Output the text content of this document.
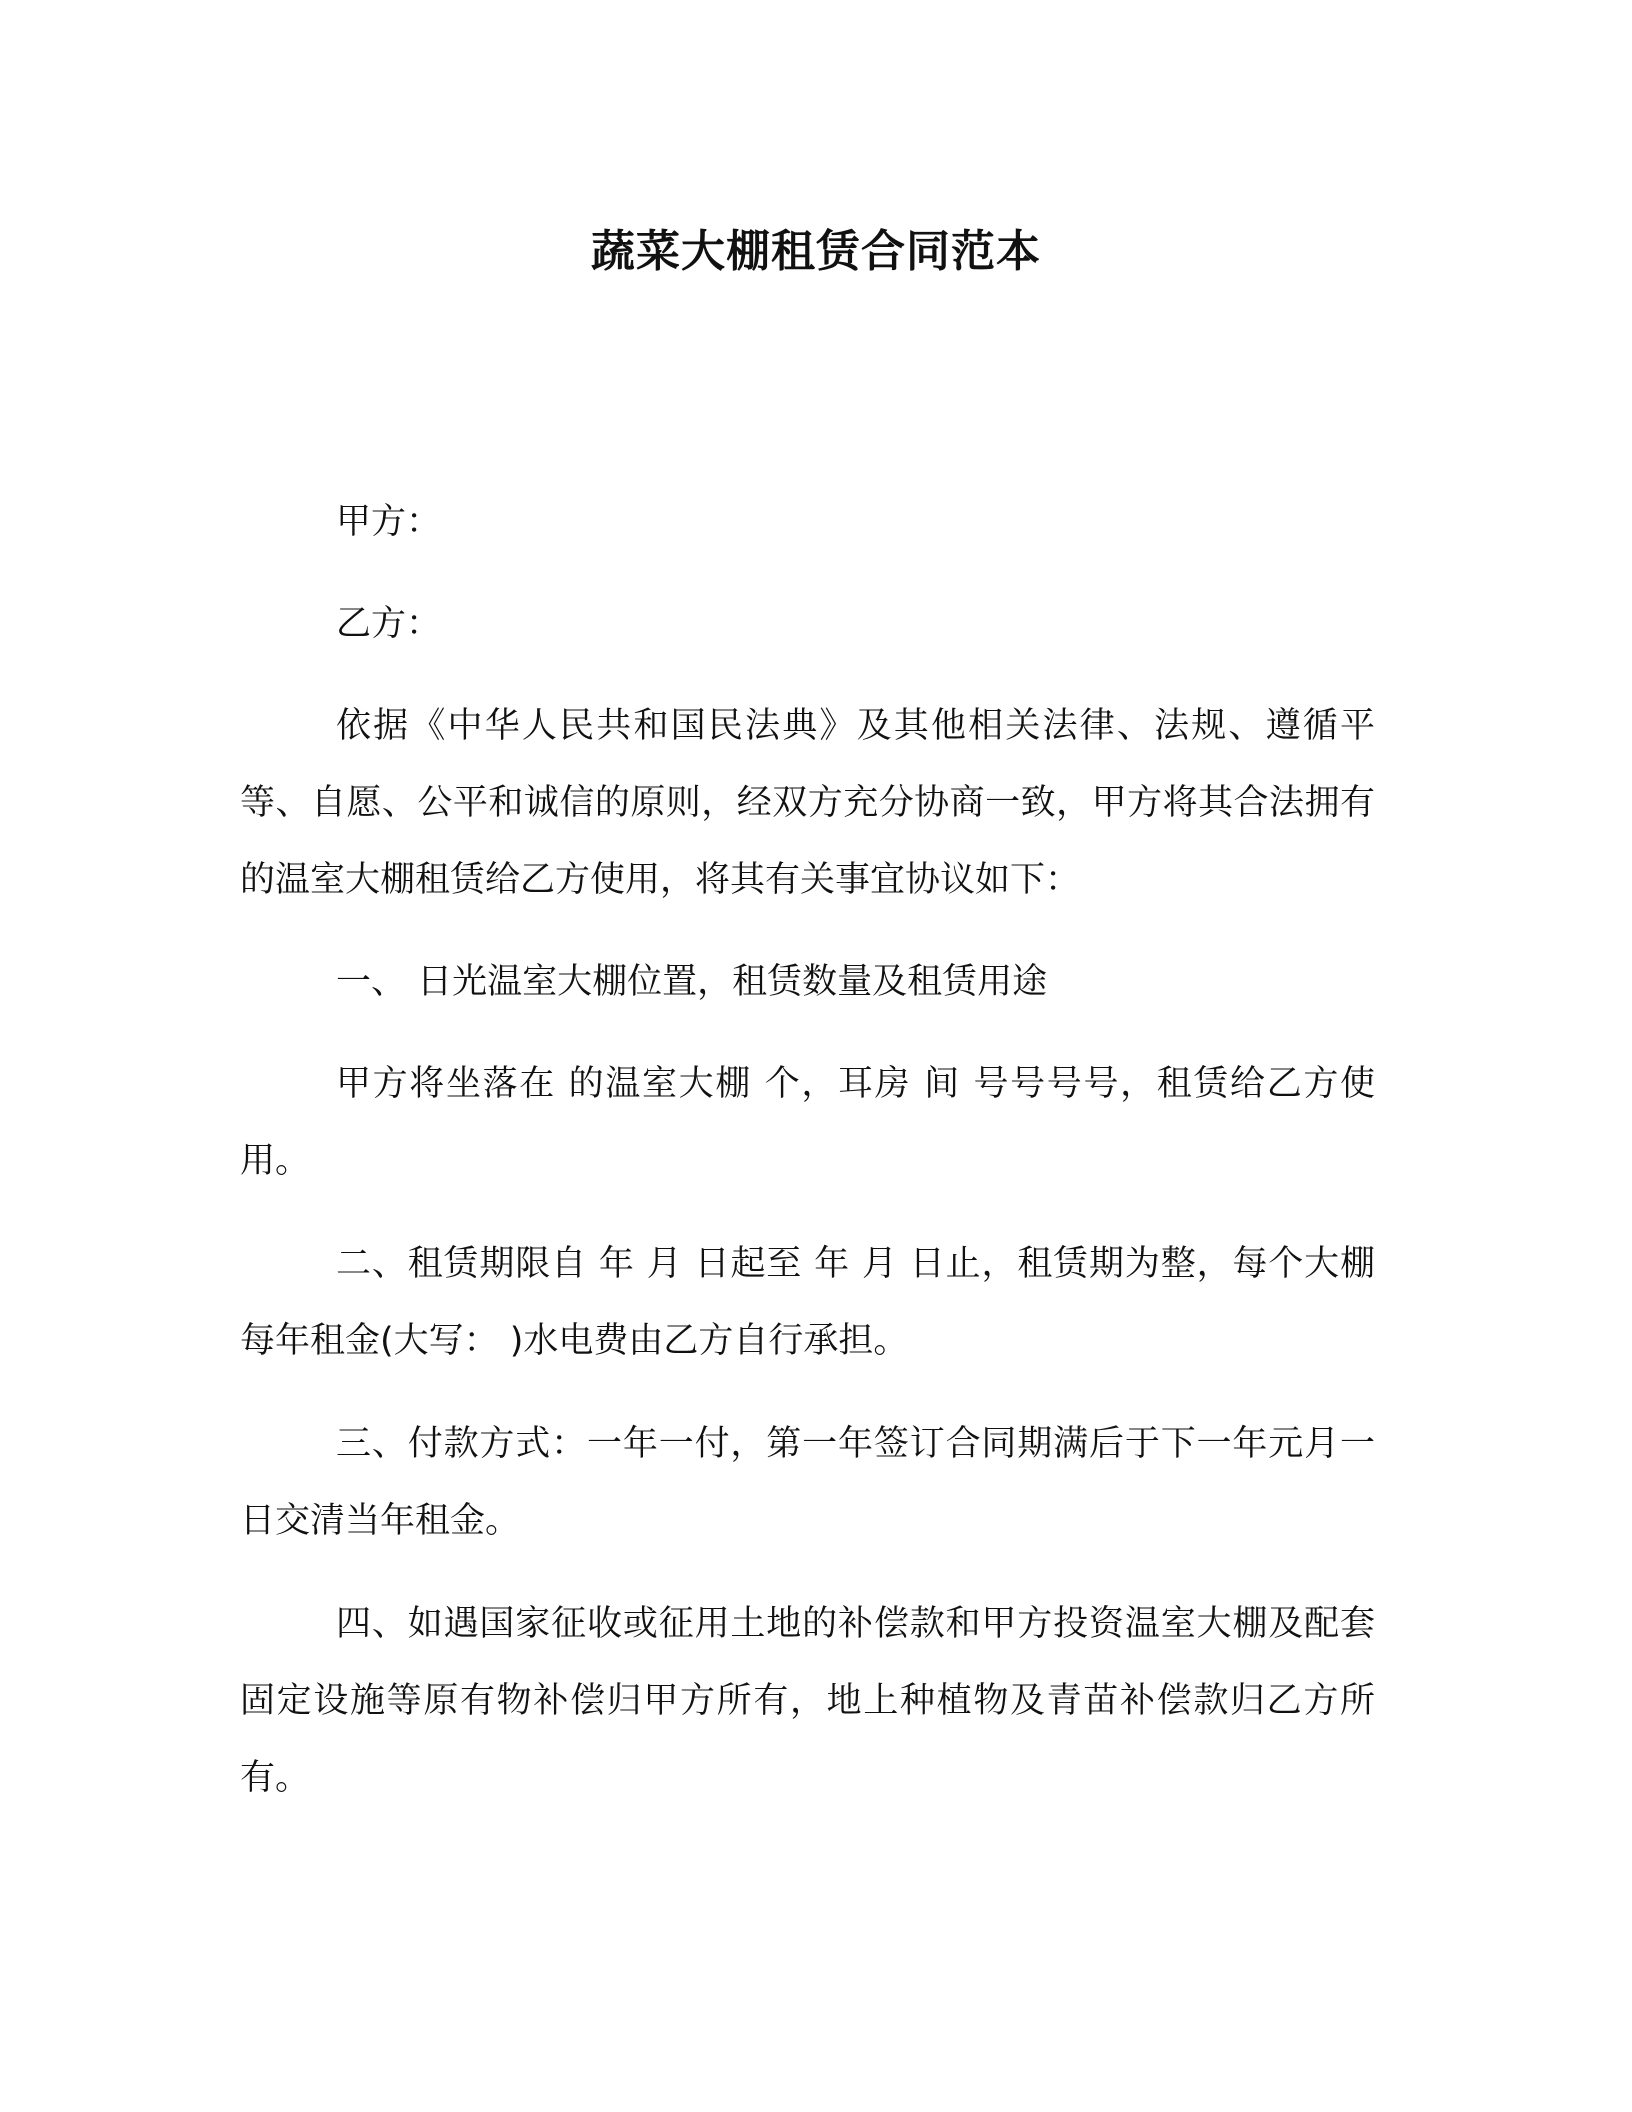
蔬菜大棚租赁合同范本

甲方：

乙方：

依据《中华人民共和国民法典》及其他相关法律、法规、遵循平等、自愿、公平和诚信的原则，经双方充分协商一致，甲方将其合法拥有的温室大棚租赁给乙方使用，将其有关事宜协议如下：

一、 日光温室大棚位置，租赁数量及租赁用途

甲方将坐落在 的温室大棚 个，耳房 间 号号号号，租赁给乙方使用。

二、租赁期限自 年 月 日起至 年 月 日止，租赁期为整，每个大棚每年租金(大写： )水电费由乙方自行承担。

三、付款方式：一年一付，第一年签订合同期满后于下一年元月一日交清当年租金。

四、如遇国家征收或征用土地的补偿款和甲方投资温室大棚及配套固定设施等原有物补偿归甲方所有，地上种植物及青苗补偿款归乙方所有。
